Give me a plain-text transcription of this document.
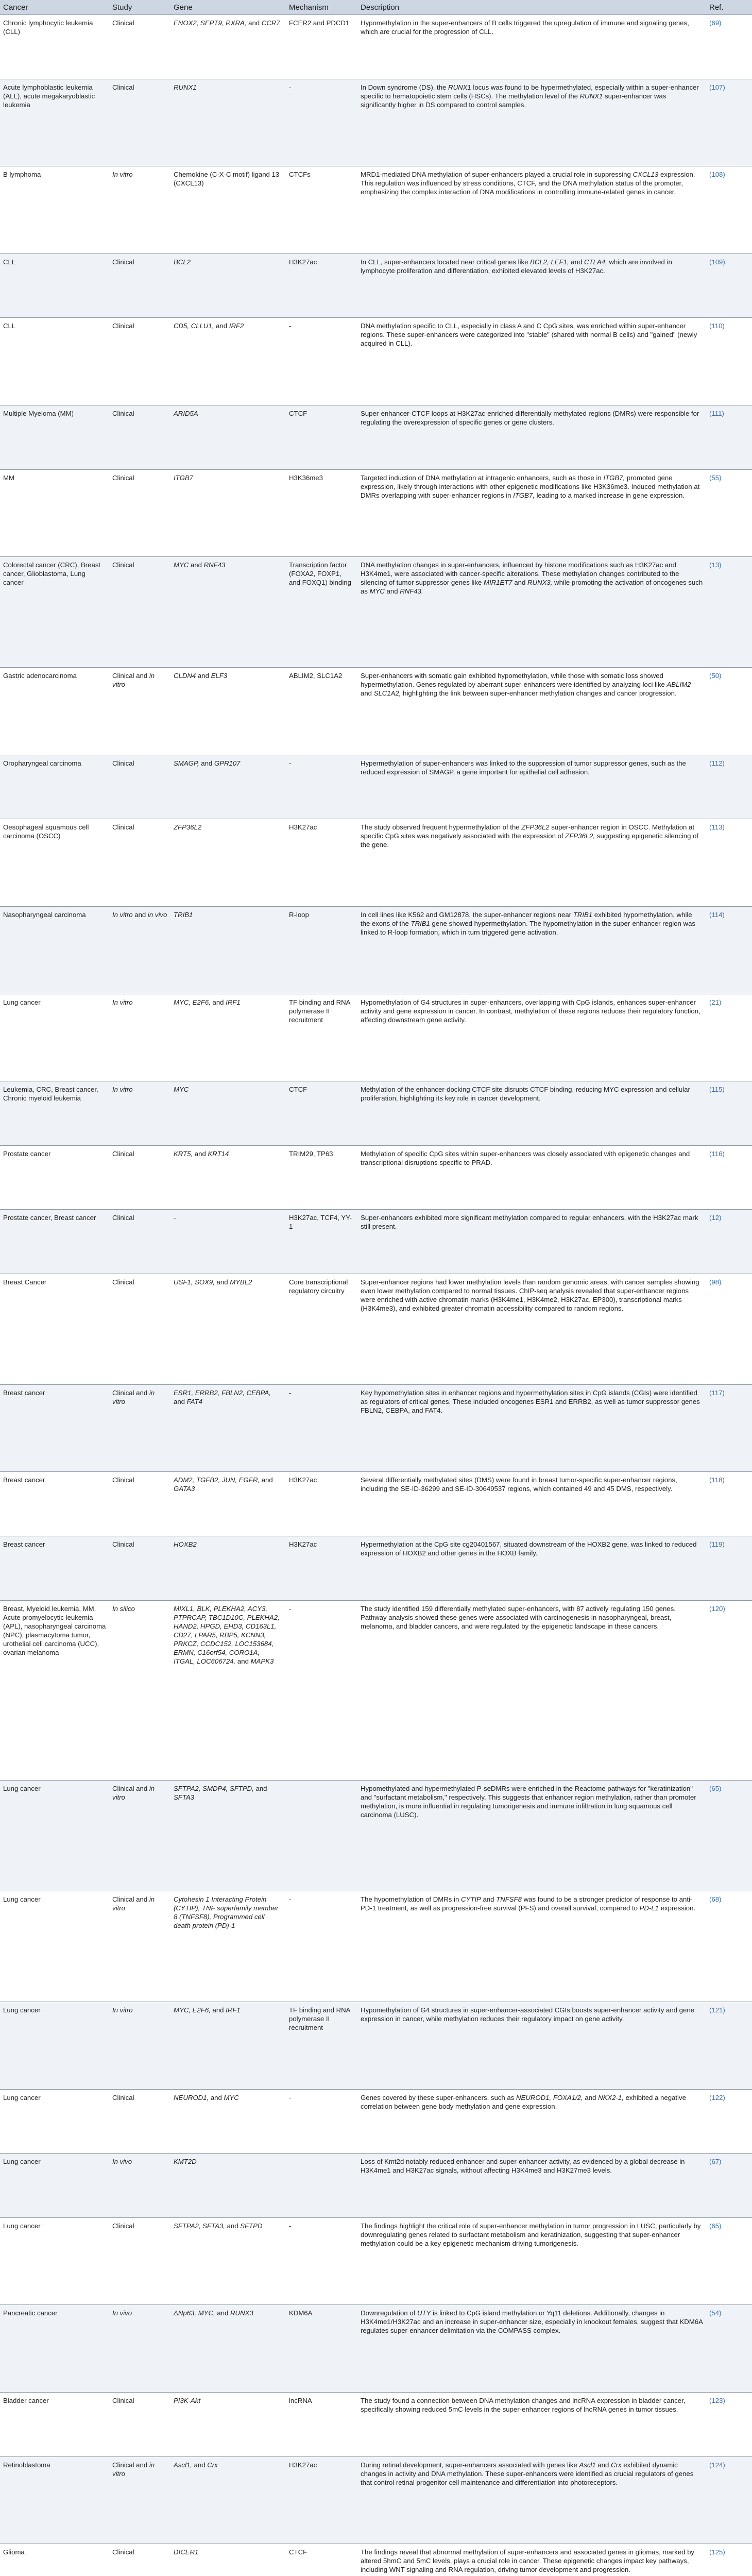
Cancer	Study	Gene	Mechanism	Description	Ref.
Chronic lymphocytic leukemia (CLL)	Clinical	ENOX2, SEPT9, RXRA, and CCR7	FCER2 and PDCD1	Hypomethylation in the super-enhancers of B cells triggered the upregulation of immune and signaling genes, which are crucial for the progression of CLL.	(69)
Acute lymphoblastic leukemia (ALL), acute megakaryoblastic leukemia	Clinical	RUNX1	-	In Down syndrome (DS), the RUNX1 locus was found to be hypermethylated, especially within a super-enhancer specific to hematopoietic stem cells (HSCs). The methylation level of the RUNX1 super-enhancer was significantly higher in DS compared to control samples.	(107)
B lymphoma	In vitro	Chemokine (C-X-C motif) ligand 13 (CXCL13)	CTCFs	MRD1-mediated DNA methylation of super-enhancers played a crucial role in suppressing CXCL13 expression. This regulation was influenced by stress conditions, CTCF, and the DNA methylation status of the promoter, emphasizing the complex interaction of DNA modifications in controlling immune-related genes in cancer.	(108)
CLL	Clinical	BCL2	H3K27ac	In CLL, super-enhancers located near critical genes like BCL2, LEF1, and CTLA4, which are involved in lymphocyte proliferation and differentiation, exhibited elevated levels of H3K27ac.	(109)
CLL	Clinical	CD5, CLLU1, and IRF2	-	DNA methylation specific to CLL, especially in class A and C CpG sites, was enriched within super-enhancer regions. These super-enhancers were categorized into "stable" (shared with normal B cells) and "gained" (newly acquired in CLL).	(110)
Multiple Myeloma (MM)	Clinical	ARID5A	CTCF	Super-enhancer-CTCF loops at H3K27ac-enriched differentially methylated regions (DMRs) were responsible for regulating the overexpression of specific genes or gene clusters.	(111)
MM	Clinical	ITGB7	H3K36me3	Targeted induction of DNA methylation at intragenic enhancers, such as those in ITGB7, promoted gene expression, likely through interactions with other epigenetic modifications like H3K36me3. Induced methylation at DMRs overlapping with super-enhancer regions in ITGB7, leading to a marked increase in gene expression.	(55)
Colorectal cancer (CRC), Breast cancer, Glioblastoma, Lung cancer	Clinical	MYC and RNF43	Transcription factor (FOXA2, FOXP1, and FOXQ1) binding	DNA methylation changes in super-enhancers, influenced by histone modifications such as H3K27ac and H3K4me1, were associated with cancer-specific alterations. These methylation changes contributed to the silencing of tumor suppressor genes like MIR1ET7 and RUNX3, while promoting the activation of oncogenes such as MYC and RNF43.	(13)
Gastric adenocarcinoma	Clinical and in vitro	CLDN4 and ELF3	ABLIM2, SLC1A2	Super-enhancers with somatic gain exhibited hypomethylation, while those with somatic loss showed hypermethylation. Genes regulated by aberrant super-enhancers were identified by analyzing loci like ABLIM2 and SLC1A2, highlighting the link between super-enhancer methylation changes and cancer progression.	(50)
Oropharyngeal carcinoma	Clinical	SMAGP, and GPR107	-	Hypermethylation of super-enhancers was linked to the suppression of tumor suppressor genes, such as the reduced expression of SMAGP, a gene important for epithelial cell adhesion.	(112)
Oesophageal squamous cell carcinoma (OSCC)	Clinical	ZFP36L2	H3K27ac	The study observed frequent hypermethylation of the ZFP36L2 super-enhancer region in OSCC. Methylation at specific CpG sites was negatively associated with the expression of ZFP36L2, suggesting epigenetic silencing of the gene.	(113)
Nasopharyngeal carcinoma	In vitro and in vivo	TRIB1	R-loop	In cell lines like K562 and GM12878, the super-enhancer regions near TRIB1 exhibited hypomethylation, while the exons of the TRIB1 gene showed hypermethylation. The hypomethylation in the super-enhancer region was linked to R-loop formation, which in turn triggered gene activation.	(114)
Lung cancer	In vitro	MYC, E2F6, and IRF1	TF binding and RNA polymerase II recruitment	Hypomethylation of G4 structures in super-enhancers, overlapping with CpG islands, enhances super-enhancer activity and gene expression in cancer. In contrast, methylation of these regions reduces their regulatory function, affecting downstream gene activity.	(21)
Leukemia, CRC, Breast cancer, Chronic myeloid leukemia	In vitro	MYC	CTCF	Methylation of the enhancer-docking CTCF site disrupts CTCF binding, reducing MYC expression and cellular proliferation, highlighting its key role in cancer development.	(115)
Prostate cancer	Clinical	KRT5, and KRT14	TRIM29, TP63	Methylation of specific CpG sites within super-enhancers was closely associated with epigenetic changes and transcriptional disruptions specific to PRAD.	(116)
Prostate cancer, Breast cancer	Clinical	-	H3K27ac, TCF4, YY-1	Super-enhancers exhibited more significant methylation compared to regular enhancers, with the H3K27ac mark still present.	(12)
Breast Cancer	Clinical	USF1, SOX9, and MYBL2	Core transcriptional regulatory circuitry	Super-enhancer regions had lower methylation levels than random genomic areas, with cancer samples showing even lower methylation compared to normal tissues. ChIP-seq analysis revealed that super-enhancer regions were enriched with active chromatin marks (H3K4me1, H3K4me2, H3K27ac, EP300), transcriptional marks (H3K4me3), and exhibited greater chromatin accessibility compared to random regions.	(98)
Breast cancer	Clinical and in vitro	ESR1, ERRB2, FBLN2, CEBPA, and FAT4	-	Key hypomethylation sites in enhancer regions and hypermethylation sites in CpG islands (CGIs) were identified as regulators of critical genes. These included oncogenes ESR1 and ERRB2, as well as tumor suppressor genes FBLN2, CEBPA, and FAT4.	(117)
Breast cancer	Clinical	ADM2, TGFB2, JUN, EGFR, and GATA3	H3K27ac	Several differentially methylated sites (DMS) were found in breast tumor-specific super-enhancer regions, including the SE-ID-36299 and SE-ID-30649537 regions, which contained 49 and 45 DMS, respectively.	(118)
Breast cancer	Clinical	HOXB2	H3K27ac	Hypermethylation at the CpG site cg20401567, situated downstream of the HOXB2 gene, was linked to reduced expression of HOXB2 and other genes in the HOXB family.	(119)
Breast, Myeloid leukemia, MM, Acute promyelocytic leukemia (APL), nasopharyngeal carcinoma (NPC), plasmacytoma tumor, urothelial cell carcinoma (UCC), ovarian melanoma	In silico	MIXL1, BLK, PLEKHA2, ACY3, PTPRCAP, TBC1D10C, PLEKHA2, HAND2, HPGD, EHD3, CD163L1, CD27, LPAR5, RBP5, KCNN3, PRKCZ, CCDC152, LOC153684, ERMN, C16orf54, CORO1A, ITGAL, LOC606724, and MAPK3	-	The study identified 159 differentially methylated super-enhancers, with 87 actively regulating 150 genes. Pathway analysis showed these genes were associated with carcinogenesis in nasopharyngeal, breast, melanoma, and bladder cancers, and were regulated by the epigenetic landscape in these cancers.	(120)
Lung cancer	Clinical and in vitro	SFTPA2, SMDP4, SFTPD, and SFTA3	-	Hypomethylated and hypermethylated P-seDMRs were enriched in the Reactome pathways for "keratinization" and "surfactant metabolism," respectively. This suggests that enhancer region methylation, rather than promoter methylation, is more influential in regulating tumorigenesis and immune infiltration in lung squamous cell carcinoma (LUSC).	(65)
Lung cancer	Clinical and in vitro	Cytohesin 1 Interacting Protein (CYTIP), TNF superfamily member 8 (TNFSF8), Programmed cell death protein (PD)-1	-	The hypomethylation of DMRs in CYTIP and TNFSF8 was found to be a stronger predictor of response to anti-PD-1 treatment, as well as progression-free survival (PFS) and overall survival, compared to PD-L1 expression.	(68)
Lung cancer	In vitro	MYC, E2F6, and IRF1	TF binding and RNA polymerase II recruitment	Hypomethylation of G4 structures in super-enhancer-associated CGIs boosts super-enhancer activity and gene expression in cancer, while methylation reduces their regulatory impact on gene activity.	(121)
Lung cancer	Clinical	NEUROD1, and MYC	-	Genes covered by these super-enhancers, such as NEUROD1, FOXA1/2, and NKX2-1, exhibited a negative correlation between gene body methylation and gene expression.	(122)
Lung cancer	In vivo	KMT2D	-	Loss of Kmt2d notably reduced enhancer and super-enhancer activity, as evidenced by a global decrease in H3K4me1 and H3K27ac signals, without affecting H3K4me3 and H3K27me3 levels.	(67)
Lung cancer	Clinical	SFTPA2, SFTA3, and SFTPD	-	The findings highlight the critical role of super-enhancer methylation in tumor progression in LUSC, particularly by downregulating genes related to surfactant metabolism and keratinization, suggesting that super-enhancer methylation could be a key epigenetic mechanism driving tumorigenesis.	(65)
Pancreatic cancer	In vivo	ΔNp63, MYC, and RUNX3	KDM6A	Downregulation of UTY is linked to CpG island methylation or Yq11 deletions. Additionally, changes in H3K4me1/H3K27ac and an increase in super-enhancer size, especially in knockout females, suggest that KDM6A regulates super-enhancer delimitation via the COMPASS complex.	(54)
Bladder cancer	Clinical	PI3K-Akt	lncRNA	The study found a connection between DNA methylation changes and lncRNA expression in bladder cancer, specifically showing reduced 5mC levels in the super-enhancer regions of lncRNA genes in tumor tissues.	(123)
Retinoblastoma	Clinical and in vitro	Ascl1, and Crx	H3K27ac	During retinal development, super-enhancers associated with genes like Ascl1 and Crx exhibited dynamic changes in activity and DNA methylation. These super-enhancers were identified as crucial regulators of genes that control retinal progenitor cell maintenance and differentiation into photoreceptors.	(124)
Glioma	Clinical	DICER1	CTCF	The findings reveal that abnormal methylation of super-enhancers and associated genes in gliomas, marked by altered 5hmC and 5mC levels, plays a crucial role in cancer. These epigenetic changes impact key pathways, including WNT signaling and RNA regulation, driving tumor development and progression.	(125)
